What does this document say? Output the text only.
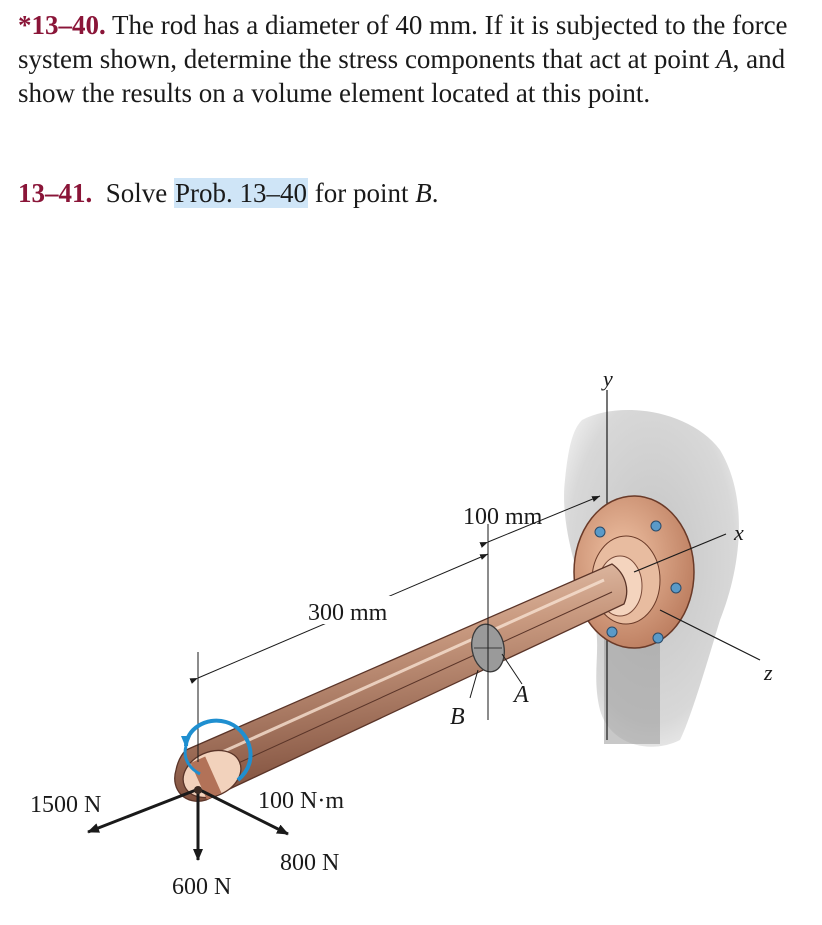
*13–40. The rod has a diameter of 40 mm. If it is subjected to the force system shown, determine the stress components that act at point A, and show the results on a volume element located at this point.
13–41. Solve Prob. 13–40 for point B.
y
x
z
100 mm
300 mm
A
B
100 N·m
1500 N
600 N
800 N
